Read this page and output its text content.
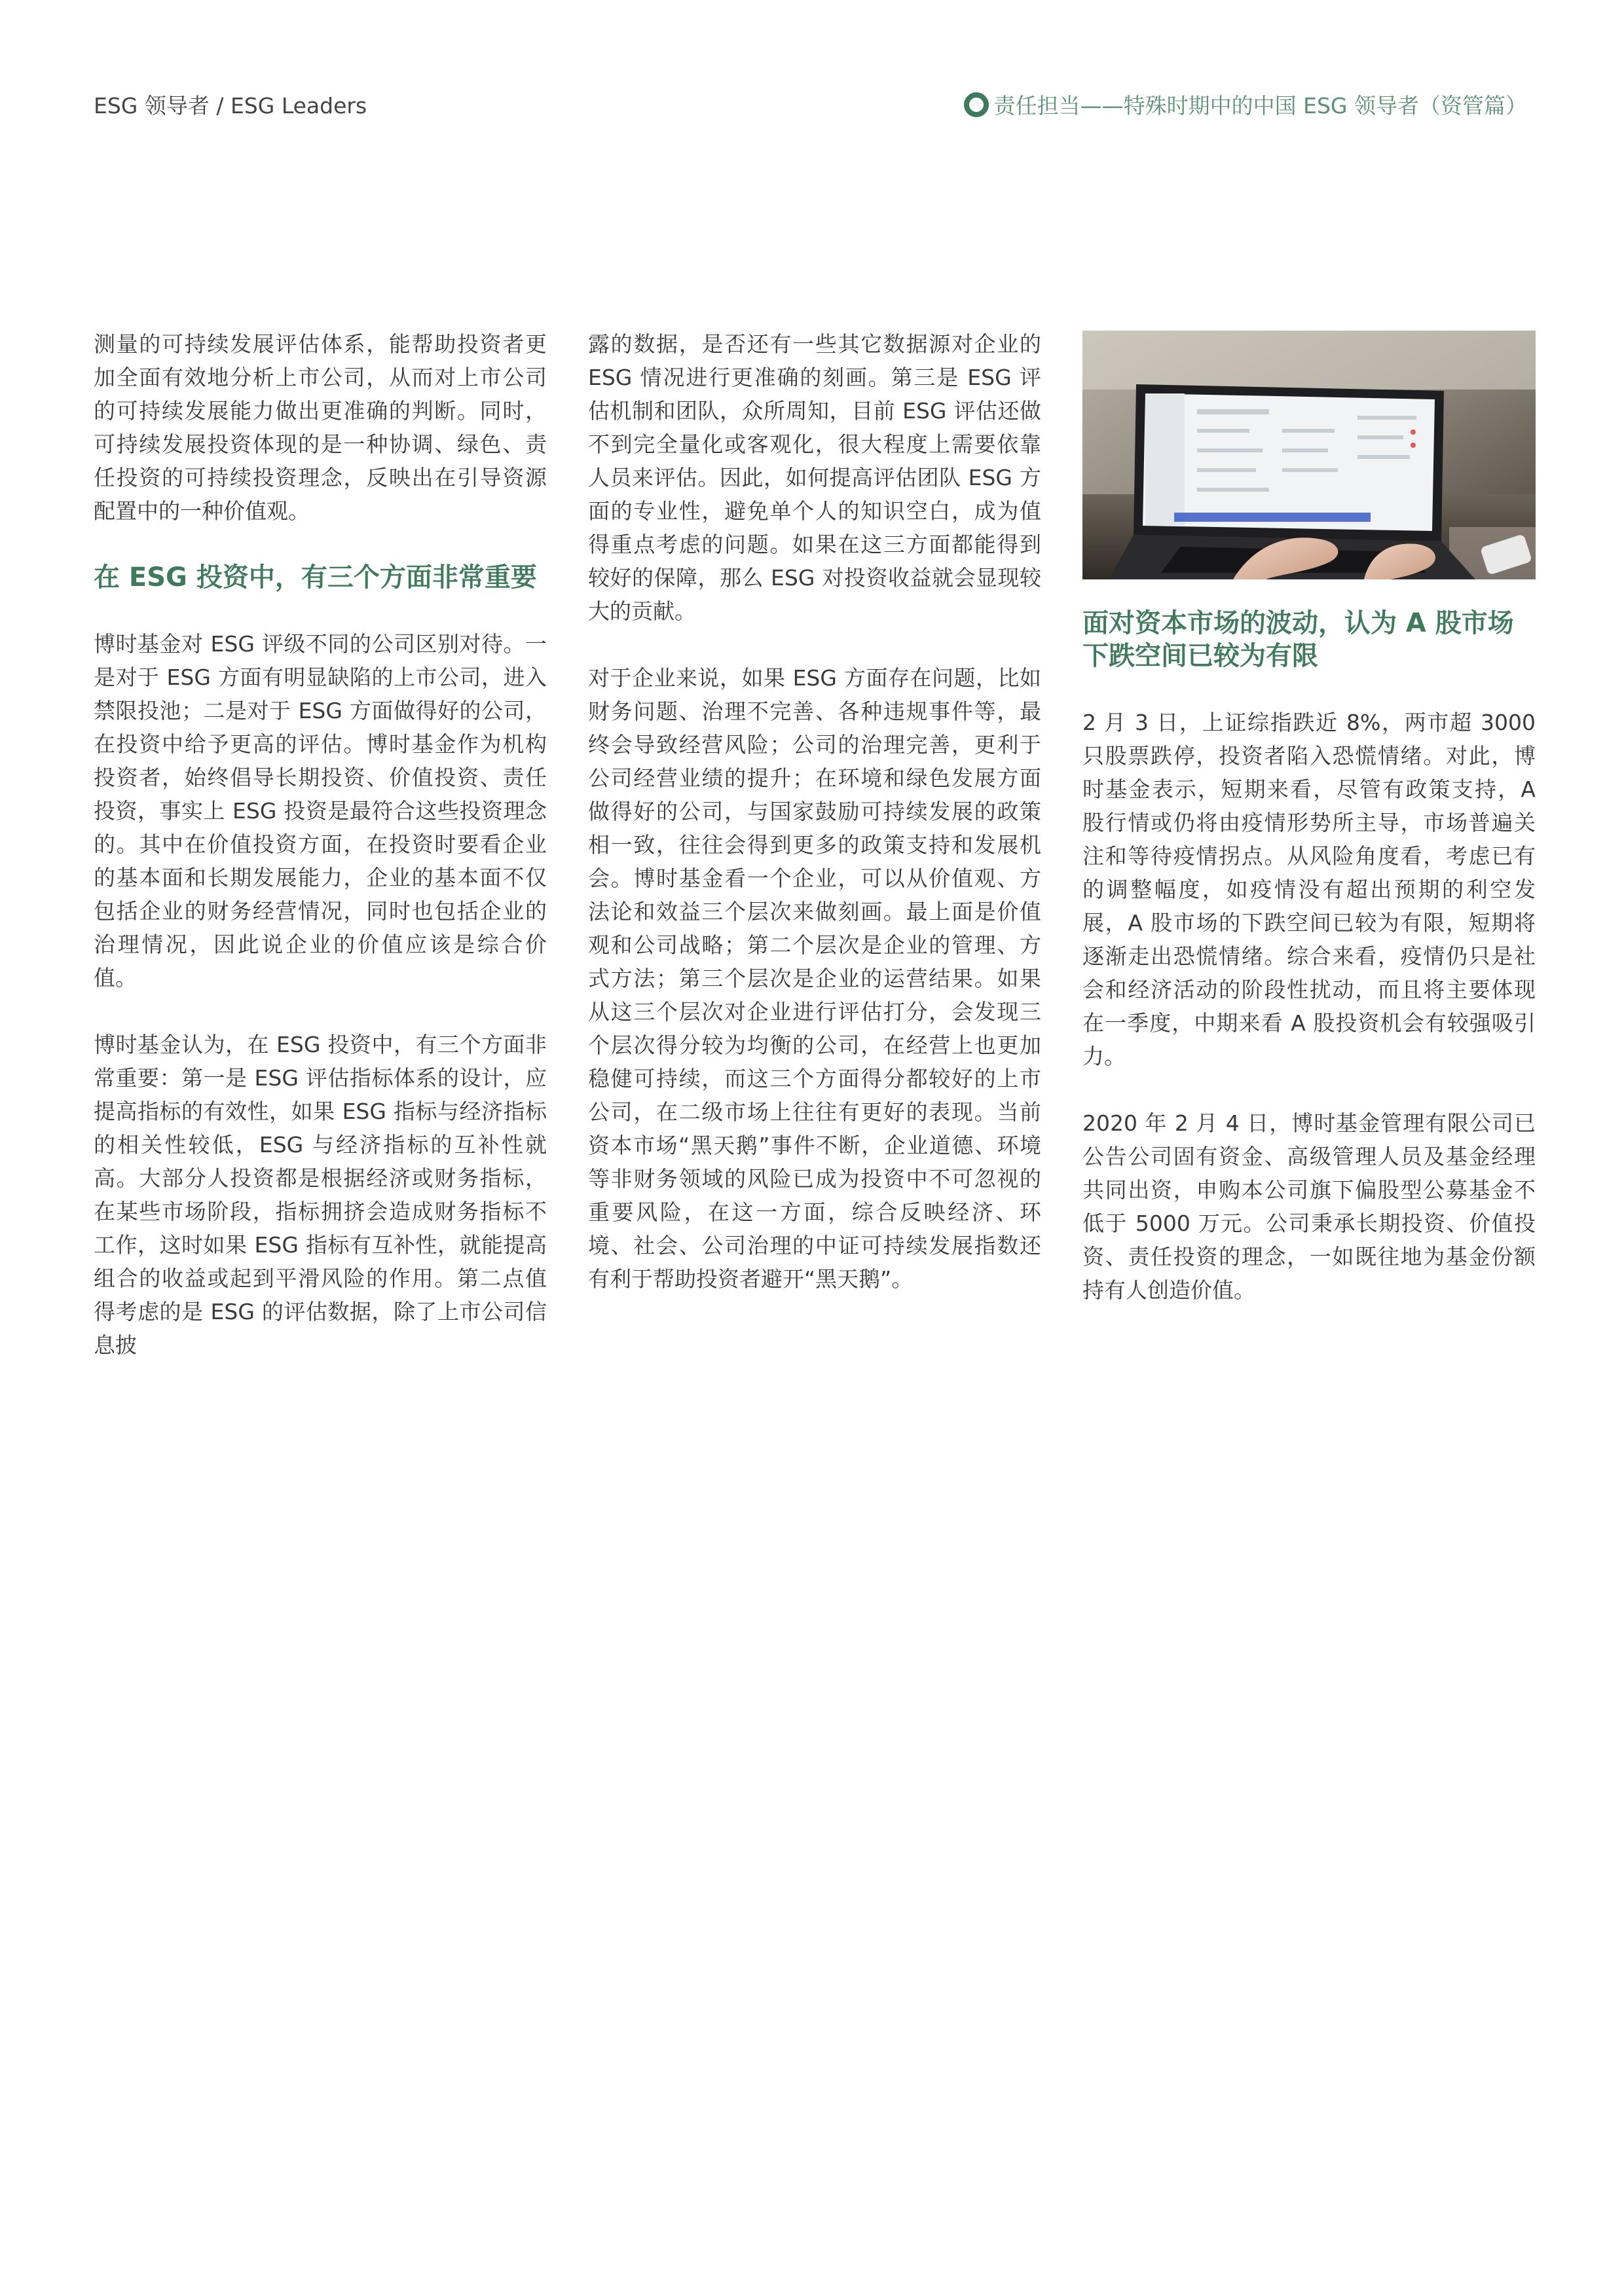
ESG 领导者 / ESG Leaders	责任担当——特殊时期中的中国 ESG 领导者（资管篇）

测量的可持续发展评估体系，能帮助投资者更加全面有效地分析上市公司，从而对上市公司的可持续发展能力做出更准确的判断。同时，可持续发展投资体现的是一种协调、绿色、责任投资的可持续投资理念，反映出在引导资源配置中的一种价值观。

在 ESG 投资中，有三个方面非常重要

博时基金对 ESG 评级不同的公司区别对待。一是对于 ESG 方面有明显缺陷的上市公司，进入禁限投池；二是对于 ESG 方面做得好的公司，在投资中给予更高的评估。博时基金作为机构投资者，始终倡导长期投资、价值投资、责任投资，事实上 ESG 投资是最符合这些投资理念的。其中在价值投资方面，在投资时要看企业的基本面和长期发展能力，企业的基本面不仅包括企业的财务经营情况，同时也包括企业的治理情况，因此说企业的价值应该是综合价值。

博时基金认为，在 ESG 投资中，有三个方面非常重要：第一是 ESG 评估指标体系的设计，应提高指标的有效性，如果 ESG 指标与经济指标的相关性较低，ESG 与经济指标的互补性就高。大部分人投资都是根据经济或财务指标，在某些市场阶段，指标拥挤会造成财务指标不工作，这时如果 ESG 指标有互补性，就能提高组合的收益或起到平滑风险的作用。第二点值得考虑的是 ESG 的评估数据，除了上市公司信息披

露的数据，是否还有一些其它数据源对企业的 ESG 情况进行更准确的刻画。第三是 ESG 评估机制和团队，众所周知，目前 ESG 评估还做不到完全量化或客观化，很大程度上需要依靠人员来评估。因此，如何提高评估团队 ESG 方面的专业性，避免单个人的知识空白，成为值得重点考虑的问题。如果在这三方面都能得到较好的保障，那么 ESG 对投资收益就会显现较大的贡献。

对于企业来说，如果 ESG 方面存在问题，比如财务问题、治理不完善、各种违规事件等，最终会导致经营风险；公司的治理完善，更利于公司经营业绩的提升；在环境和绿色发展方面做得好的公司，与国家鼓励可持续发展的政策相一致，往往会得到更多的政策支持和发展机会。博时基金看一个企业，可以从价值观、方法论和效益三个层次来做刻画。最上面是价值观和公司战略；第二个层次是企业的管理、方式方法；第三个层次是企业的运营结果。如果从这三个层次对企业进行评估打分，会发现三个层次得分较为均衡的公司，在经营上也更加稳健可持续，而这三个方面得分都较好的上市公司，在二级市场上往往有更好的表现。当前资本市场“黑天鹅”事件不断，企业道德、环境等非财务领域的风险已成为投资中不可忽视的重要风险，在这一方面，综合反映经济、环境、社会、公司治理的中证可持续发展指数还有利于帮助投资者避开“黑天鹅”。

面对资本市场的波动，认为 A 股市场下跌空间已较为有限

2 月 3 日，上证综指跌近 8%，两市超 3000 只股票跌停，投资者陷入恐慌情绪。对此，博时基金表示，短期来看，尽管有政策支持，A 股行情或仍将由疫情形势所主导，市场普遍关注和等待疫情拐点。从风险角度看，考虑已有的调整幅度，如疫情没有超出预期的利空发展，A 股市场的下跌空间已较为有限，短期将逐渐走出恐慌情绪。综合来看，疫情仍只是社会和经济活动的阶段性扰动，而且将主要体现在一季度，中期来看 A 股投资机会有较强吸引力。

2020 年 2 月 4 日，博时基金管理有限公司已公告公司固有资金、高级管理人员及基金经理共同出资，申购本公司旗下偏股型公募基金不低于 5000 万元。公司秉承长期投资、价值投资、责任投资的理念，一如既往地为基金份额持有人创造价值。
